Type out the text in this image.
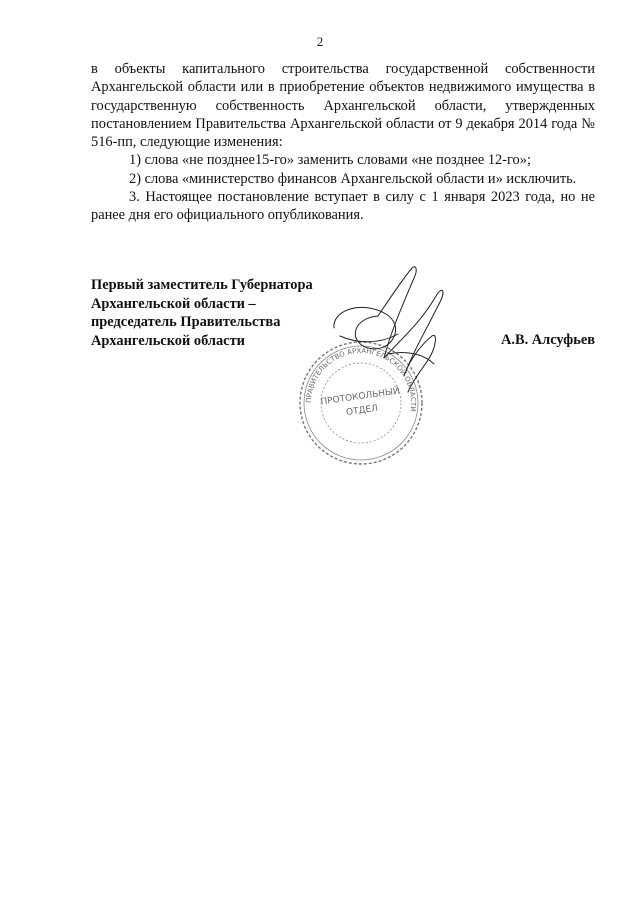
2

в объекты капитального строительства государственной собственности Архангельской области или в приобретение объектов недвижимого имущества в государственную собственность Архангельской области, утвержденных постановлением Правительства Архангельской области от 9 декабря 2014 года № 516-пп, следующие изменения:

1) слова «не позднее15-го» заменить словами «не позднее 12-го»;

2) слова «министерство финансов Архангельской области и» исключить.

3. Настоящее постановление вступает в силу с 1 января 2023 года, но не ранее дня его официального опубликования.

Первый заместитель Губернатора
Архангельской области –
председатель Правительства
Архангельской области	А.В. Алсуфьев
ПРАВИТЕЛЬСТВО АРХАНГЕЛЬСКОЙ ОБЛАСТИ
ПРОТОКОЛЬНЫЙ
ОТДЕЛ
